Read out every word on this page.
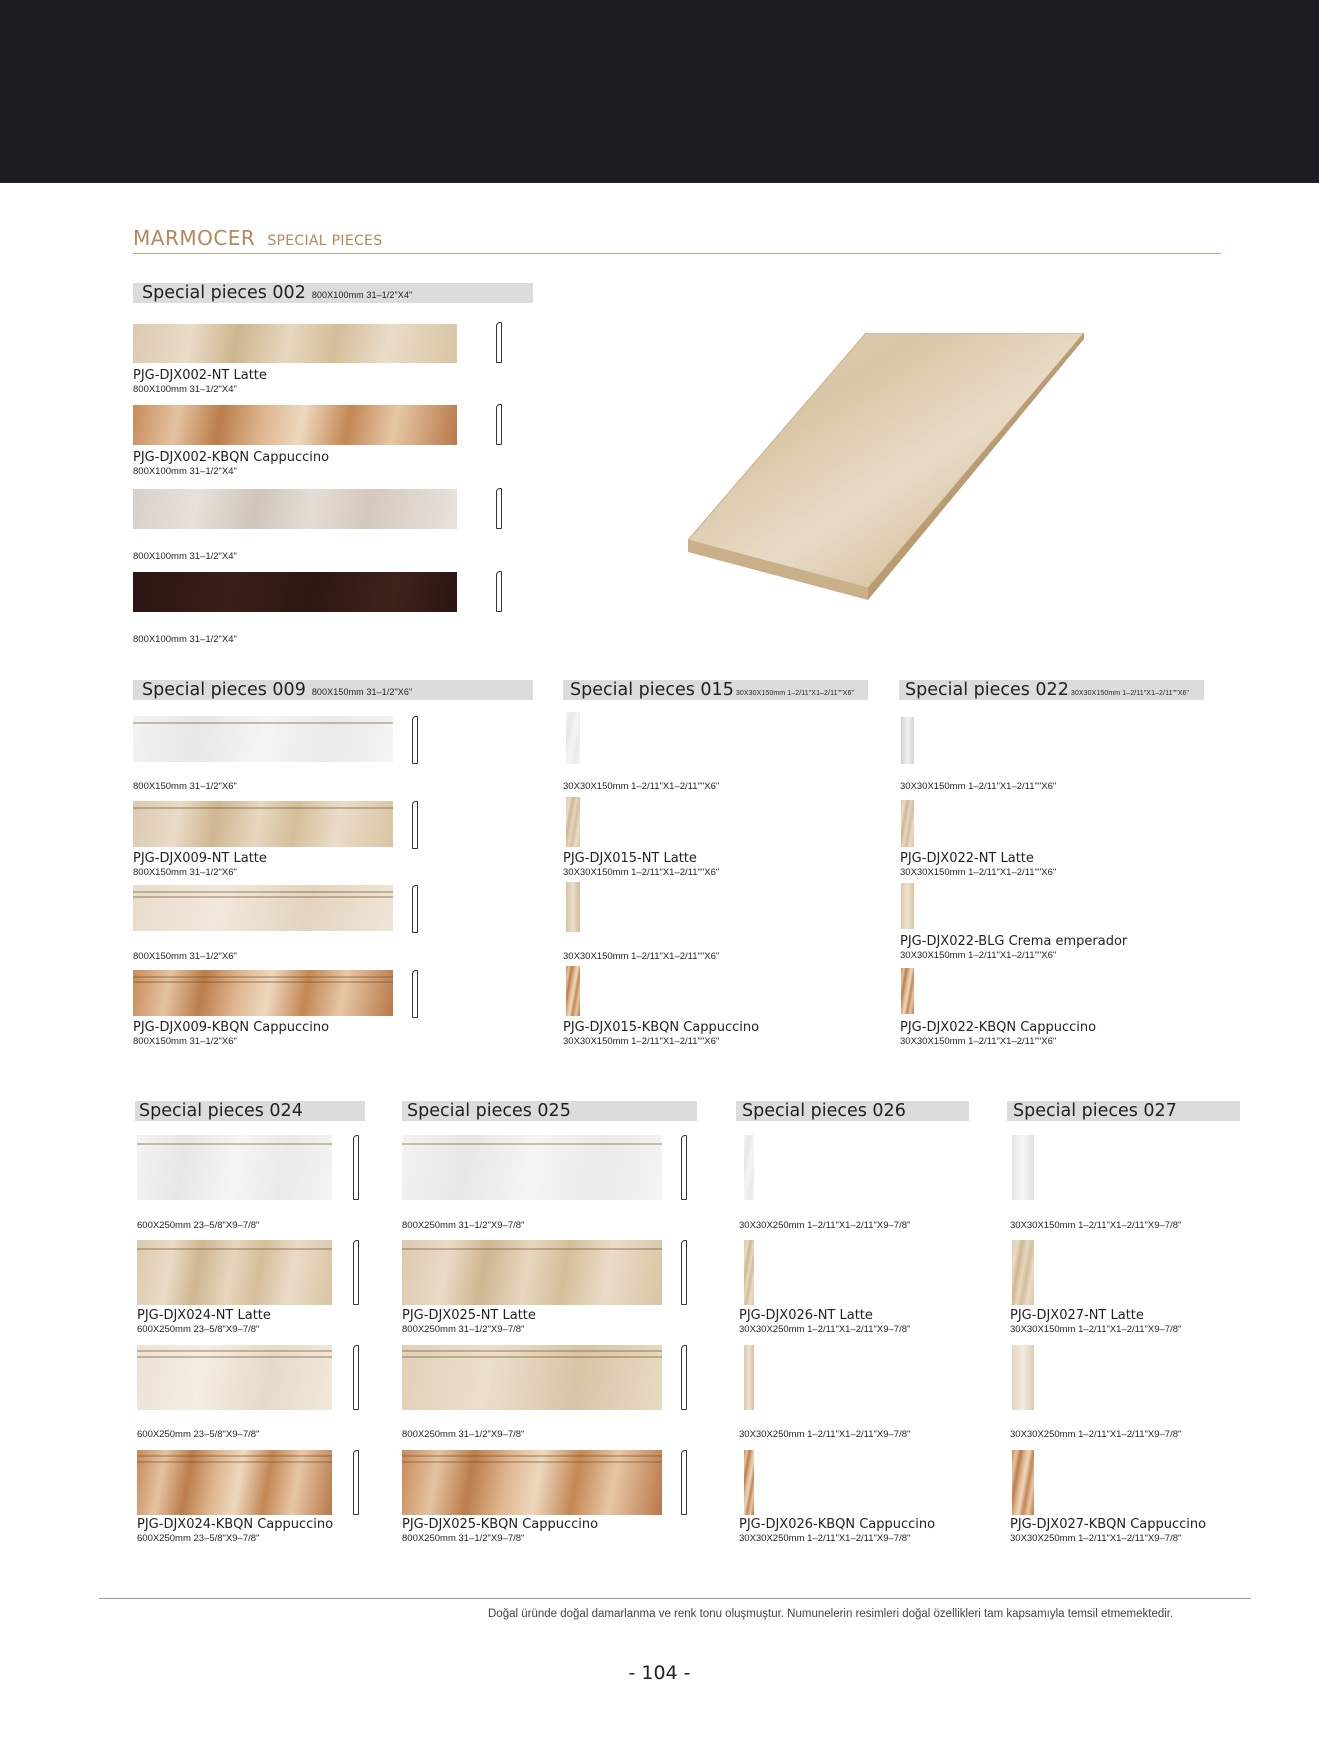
MARMOCER SPECIAL PIECES
Special pieces 002 800X100mm 31–1/2"X4"
PJG-DJX002-NT Latte
800X100mm 31–1/2"X4"
PJG-DJX002-KBQN Cappuccino
800X100mm 31–1/2"X4"
800X100mm 31–1/2"X4"
800X100mm 31–1/2"X4"
Special pieces 009 800X150mm 31–1/2"X6"
800X150mm 31–1/2"X6"
PJG-DJX009-NT Latte
800X150mm 31–1/2"X6"
800X150mm 31–1/2"X6"
PJG-DJX009-KBQN Cappuccino
800X150mm 31–1/2"X6"
Special pieces 015 30X30X150mm 1–2/11"X1–2/11""X6"
30X30X150mm 1–2/11"X1–2/11""X6"
PJG-DJX015-NT Latte
30X30X150mm 1–2/11"X1–2/11""X6"
30X30X150mm 1–2/11"X1–2/11""X6"
PJG-DJX015-KBQN Cappuccino
30X30X150mm 1–2/11"X1–2/11""X6"
Special pieces 022 30X30X150mm 1–2/11"X1–2/11""X6"
30X30X150mm 1–2/11"X1–2/11""X6"
PJG-DJX022-NT Latte
30X30X150mm 1–2/11"X1–2/11""X6"
PJG-DJX022-BLG Crema emperador
30X30X150mm 1–2/11"X1–2/11""X6"
PJG-DJX022-KBQN Cappuccino
30X30X150mm 1–2/11"X1–2/11""X6"
Special pieces 024
600X250mm 23–5/8"X9–7/8"
PJG-DJX024-NT Latte
600X250mm 23–5/8"X9–7/8"
600X250mm 23–5/8"X9–7/8"
PJG-DJX024-KBQN Cappuccino
600X250mm 23–5/8"X9–7/8"
Special pieces 025
800X250mm 31–1/2"X9–7/8"
PJG-DJX025-NT Latte
800X250mm 31–1/2"X9–7/8"
800X250mm 31–1/2"X9–7/8"
PJG-DJX025-KBQN Cappuccino
800X250mm 31–1/2"X9–7/8"
Special pieces 026
30X30X250mm 1–2/11"X1–2/11"X9–7/8"
PJG-DJX026-NT Latte
30X30X250mm 1–2/11"X1–2/11"X9–7/8"
30X30X250mm 1–2/11"X1–2/11"X9–7/8"
PJG-DJX026-KBQN Cappuccino
30X30X250mm 1–2/11"X1–2/11"X9–7/8"
Special pieces 027
30X30X150mm 1–2/11"X1–2/11"X9–7/8"
PJG-DJX027-NT Latte
30X30X150mm 1–2/11"X1–2/11"X9–7/8"
30X30X250mm 1–2/11"X1–2/11"X9–7/8"
PJG-DJX027-KBQN Cappuccino
30X30X250mm 1–2/11"X1–2/11"X9–7/8"
Doğal üründe doğal damarlanma ve renk tonu oluşmuştur. Numunelerin resimleri doğal özellikleri tam kapsamıyla temsil etmemektedir.
- 104 -
